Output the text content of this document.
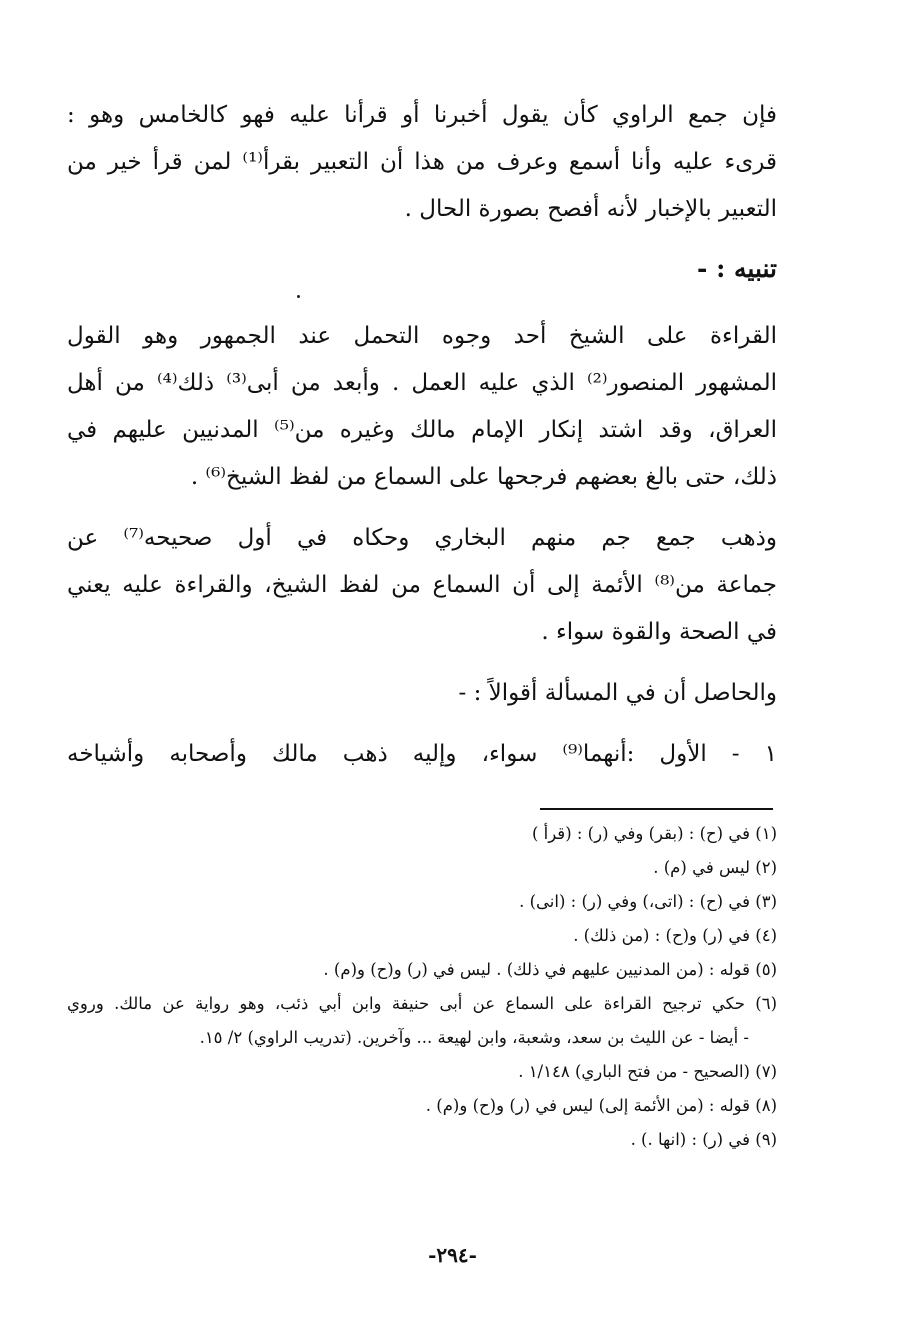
فإن جمع الراوي كأن يقول أخبرنا أو قرأنا عليه فهو كالخامس وهو :
قرىء عليه وأنا أسمع وعرف من هذا أن التعبير بقرأ⁽¹⁾ لمن قرأ خير من
التعبير بالإخبار لأنه أفصح بصورة الحال .
تنبيه : -
القراءة على الشيخ أحد وجوه التحمل عند الجمهور وهو القول
المشهور المنصور⁽²⁾ الذي عليه العمل . وأبعد من أبى⁽³⁾ ذلك⁽⁴⁾ من أهل
العراق، وقد اشتد إنكار الإمام مالك وغيره من⁽⁵⁾ المدنيين عليهم في
ذلك، حتى بالغ بعضهم فرجحها على السماع من لفظ الشيخ⁽⁶⁾ .
وذهب جمع جم منهم البخاري وحكاه في أول صحيحه⁽⁷⁾ عن
جماعة من⁽⁸⁾ الأئمة إلى أن السماع من لفظ الشيخ، والقراءة عليه يعني
في الصحة والقوة سواء .
والحاصل أن في المسألة أقوالاً : -
١ - الأول :أنهما⁽⁹⁾ سواء، وإليه ذهب مالك وأصحابه وأشياخه
(١) في (ح) : (بقر) وفي (ر) : (قرأ )
(٢) ليس في (م) .
(٣) في (ح) : (اتى،) وفي (ر) : (انى) .
(٤) في (ر) و(ح) : (من ذلك) .
(٥) قوله : (من المدنيين عليهم في ذلك) . ليس في (ر) و(ح) و(م) .
(٦) حكي ترجيح القراءة على السماع عن أبى حنيفة وابن أبي ذئب، وهو رواية عن مالك. وروي
- أيضا - عن الليث بن سعد، وشعبة، وابن لهيعة ... وآخرين. (تدريب الراوي) ٢/ ١٥.
(٧) (الصحيح - من فتح الباري) ١/١٤٨ .
(٨) قوله : (من الأئمة إلى) ليس في (ر) و(ح) و(م) .
(٩) في (ر) : (انها .) .
-٢٩٤-
